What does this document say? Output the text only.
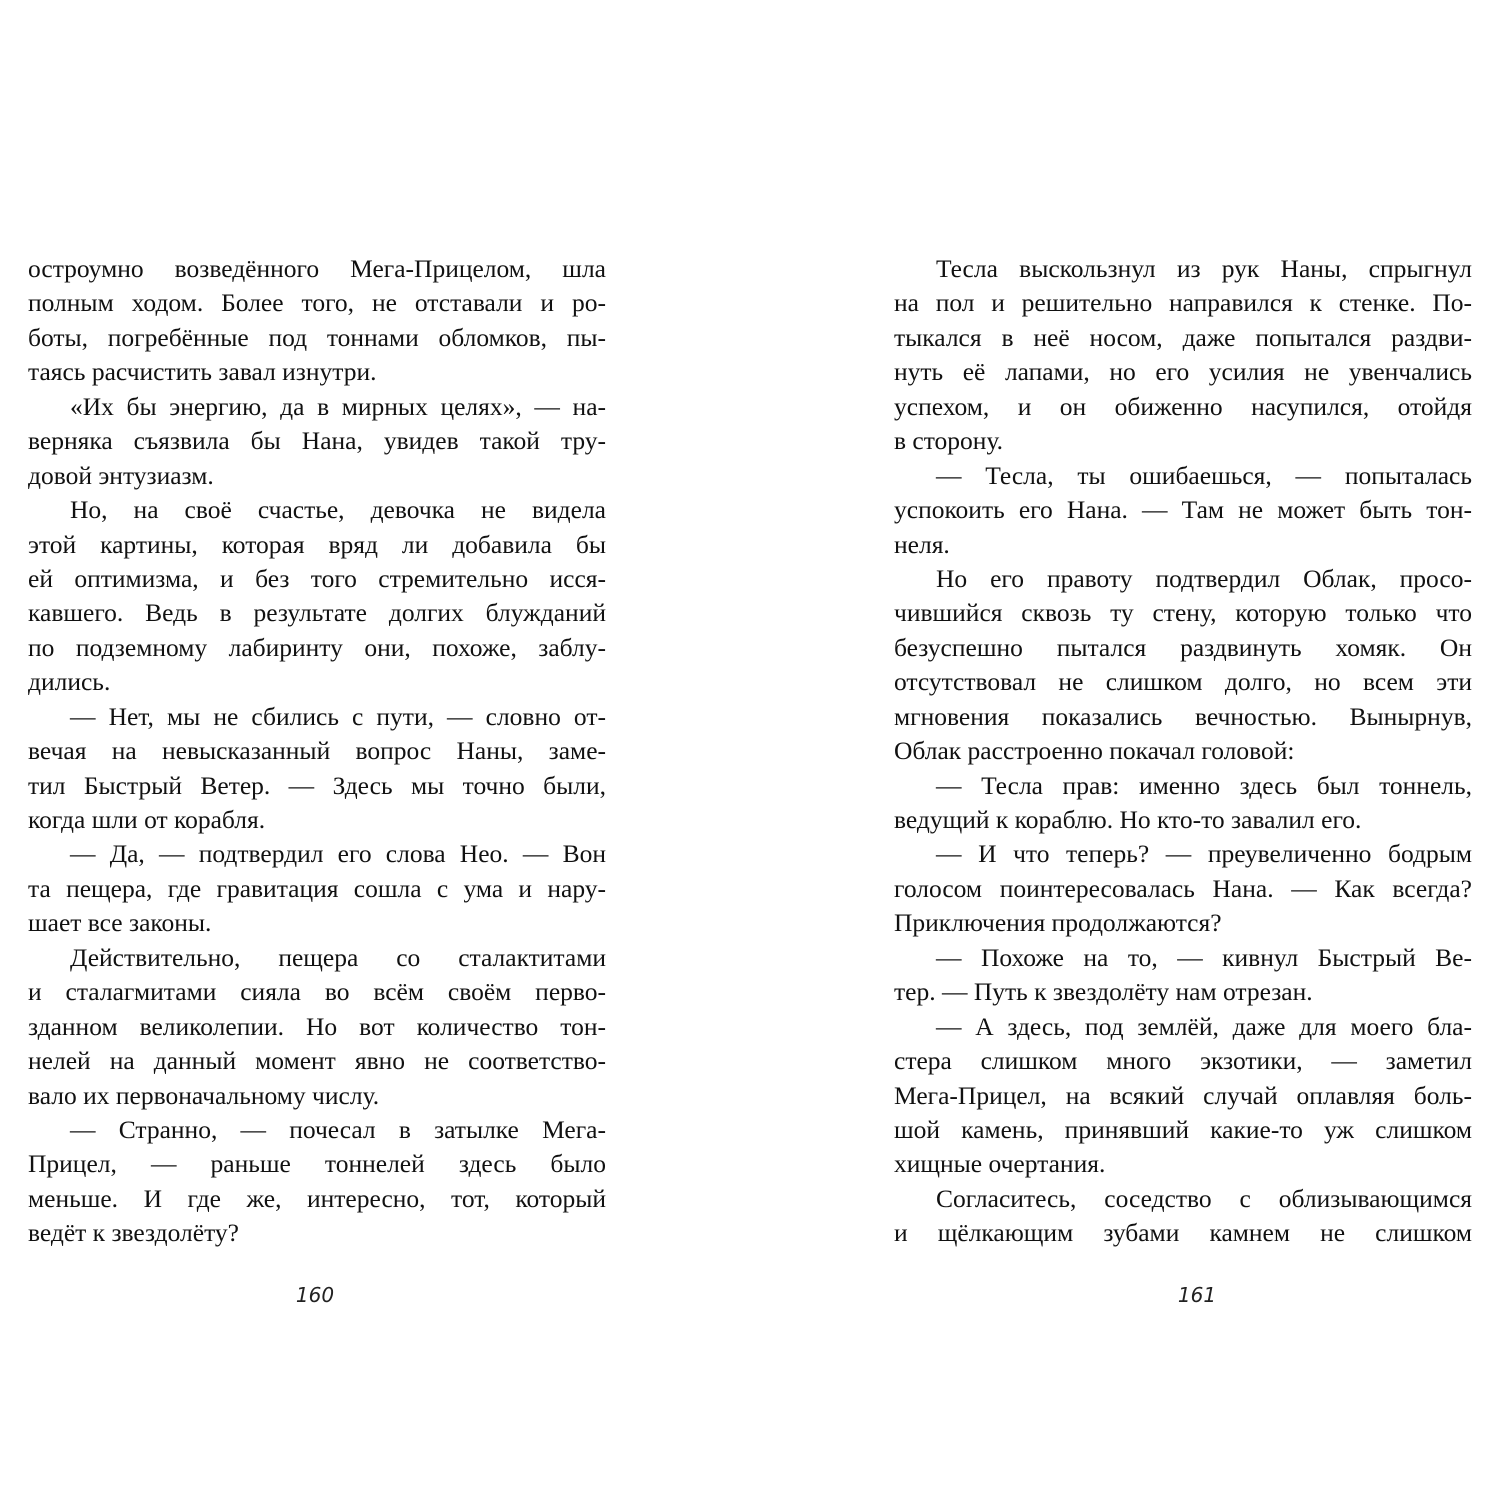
остроумно возведённого Мега-Прицелом, шла
полным ходом. Более того, не отставали и ро-
боты, погребённые под тоннами обломков, пы-
таясь расчистить завал изнутри.
«Их бы энергию, да в мирных целях», — на-
верняка съязвила бы Нана, увидев такой тру-
довой энтузиазм.
Но, на своё счастье, девочка не видела
этой картины, которая вряд ли добавила бы
ей оптимизма, и без того стремительно исся-
кавшего. Ведь в результате долгих блужданий
по подземному лабиринту они, похоже, заблу-
дились.
— Нет, мы не сбились с пути, — словно от-
вечая на невысказанный вопрос Наны, заме-
тил Быстрый Ветер. — Здесь мы точно были,
когда шли от корабля.
— Да, — подтвердил его слова Нео. — Вон
та пещера, где гравитация сошла с ума и нару-
шает все законы.
Действительно, пещера со сталактитами
и сталагмитами сияла во всём своём перво-
зданном великолепии. Но вот количество тон-
нелей на данный момент явно не соответство-
вало их первоначальному числу.
— Странно, — почесал в затылке Мега-
Прицел, — раньше тоннелей здесь было
меньше. И где же, интересно, тот, который
ведёт к звездолёту?
160
Тесла выскользнул из рук Наны, спрыгнул
на пол и решительно направился к стенке. По-
тыкался в неё носом, даже попытался раздви-
нуть её лапами, но его усилия не увенчались
успехом, и он обиженно насупился, отойдя
в сторону.
— Тесла, ты ошибаешься, — попыталась
успокоить его Нана. — Там не может быть тон-
неля.
Но его правоту подтвердил Облак, просо-
чившийся сквозь ту стену, которую только что
безуспешно пытался раздвинуть хомяк. Он
отсутствовал не слишком долго, но всем эти
мгновения показались вечностью. Вынырнув,
Облак расстроенно покачал головой:
— Тесла прав: именно здесь был тоннель,
ведущий к кораблю. Но кто-то завалил его.
— И что теперь? — преувеличенно бодрым
голосом поинтересовалась Нана. — Как всегда?
Приключения продолжаются?
— Похоже на то, — кивнул Быстрый Ве-
тер. — Путь к звездолёту нам отрезан.
— А здесь, под землёй, даже для моего бла-
стера слишком много экзотики, — заметил
Мега-Прицел, на всякий случай оплавляя боль-
шой камень, принявший какие-то уж слишком
хищные очертания.
Согласитесь, соседство с облизывающимся
и щёлкающим зубами камнем не слишком
161
